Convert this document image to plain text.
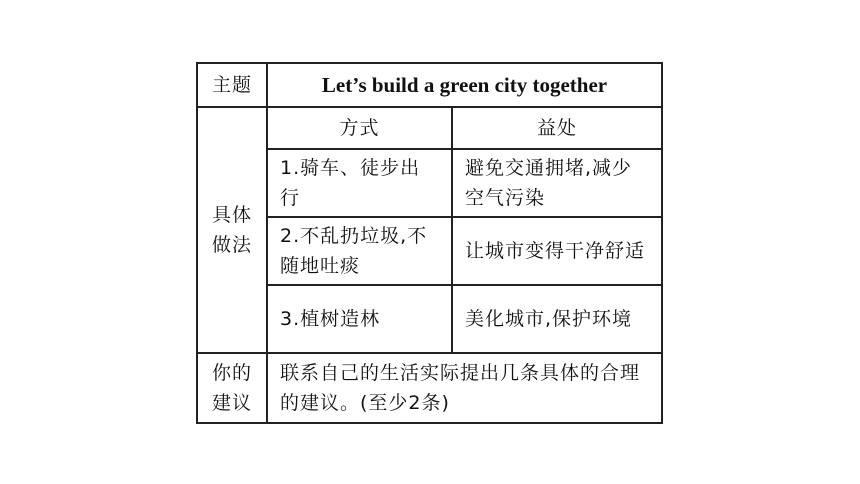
主题	Let’s build a green city together	
具体做法	方式	益处
	1.骑车、徒步出行	避免交通拥堵,减少空气污染
	2.不乱扔垃圾,不随地吐痰	让城市变得干净舒适
	3.植树造林	美化城市,保护环境
你的建议	联系自己的生活实际提出几条具体的合理的建议。(至少2条)	
